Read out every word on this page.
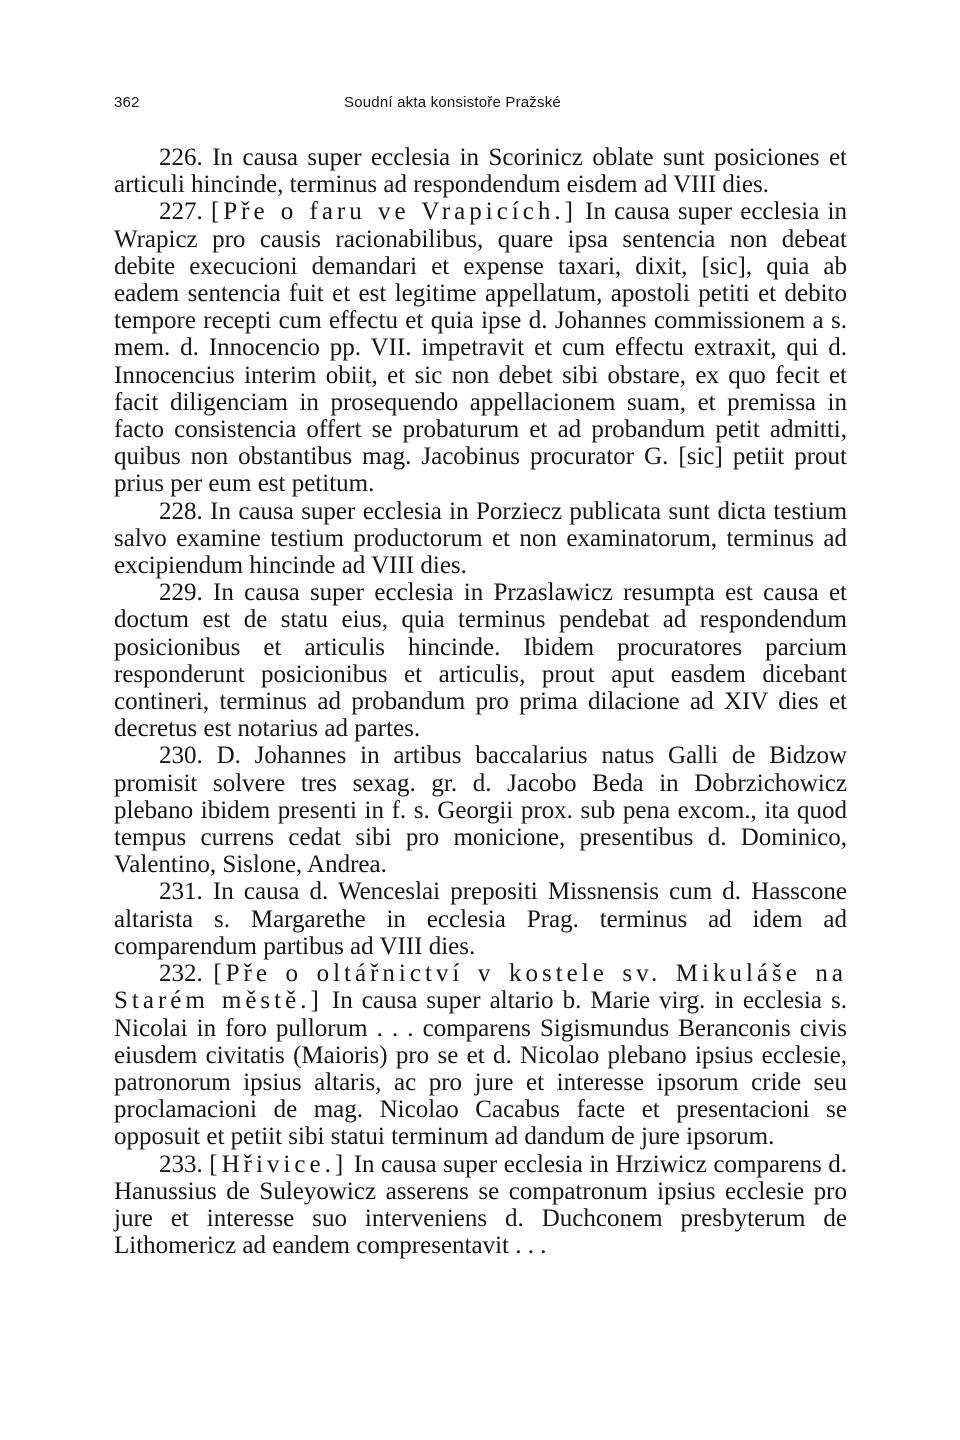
362	Soudní akta konsistoře Pražské

226. In causa super ecclesia in Scorinicz oblate sunt posiciones et articuli hincinde, terminus ad respondendum eisdem ad VIII dies.

227. [Pře o faru ve Vrapicích.] In causa super ecclesia in Wrapicz pro causis racionabilibus, quare ipsa sentencia non debeat debite execucioni demandari et expense taxari, dixit, [sic], quia ab eadem sentencia fuit et est legitime appellatum, apostoli petiti et debito tempore recepti cum effectu et quia ipse d. Johannes commissionem a s. mem. d. Innocencio pp. VII. impetravit et cum effectu extraxit, qui d. Innocencius interim obiit, et sic non debet sibi obstare, ex quo fecit et facit diligenciam in prosequendo appellacionem suam, et premissa in facto consistencia offert se probaturum et ad probandum petit admitti, quibus non obstantibus mag. Jacobinus procurator G. [sic] petiit prout prius per eum est petitum.

228. In causa super ecclesia in Porziecz publicata sunt dicta testium salvo examine testium productorum et non examinatorum, terminus ad excipiendum hincinde ad VIII dies.

229. In causa super ecclesia in Przaslawicz resumpta est causa et doctum est de statu eius, quia terminus pendebat ad respondendum posicionibus et articulis hincinde. Ibidem procuratores parcium responderunt posicionibus et articulis, prout aput easdem dicebant contineri, terminus ad probandum pro prima dilacione ad XIV dies et decretus est notarius ad partes.

230. D. Johannes in artibus baccalarius natus Galli de Bidzow promisit solvere tres sexag. gr. d. Jacobo Beda in Dobrzichowicz plebano ibidem presenti in f. s. Georgii prox. sub pena excom., ita quod tempus currens cedat sibi pro monicione, presentibus d. Dominico, Valentino, Sislone, Andrea.

231. In causa d. Wenceslai prepositi Missnensis cum d. Hasscone altarista s. Margarethe in ecclesia Prag. terminus ad idem ad comparendum partibus ad VIII dies.

232. [Pře o oltářnictví v kostele sv. Mikuláše na Starém městě.] In causa super altario b. Marie virg. in ecclesia s. Nicolai in foro pullorum . . . comparens Sigismundus Beranconis civis eiusdem civitatis (Maioris) pro se et d. Nicolao plebano ipsius ecclesie, patronorum ipsius altaris, ac pro jure et interesse ipsorum cride seu proclamacioni de mag. Nicolao Cacabus facte et presentacioni se opposuit et petiit sibi statui terminum ad dandum de jure ipsorum.

233. [Hřivice.] In causa super ecclesia in Hrziwicz comparens d. Hanussius de Suleyowicz asserens se compatronum ipsius ecclesie pro jure et interesse suo interveniens d. Duchconem presbyterum de Lithomericz ad eandem compresentavit . . .
